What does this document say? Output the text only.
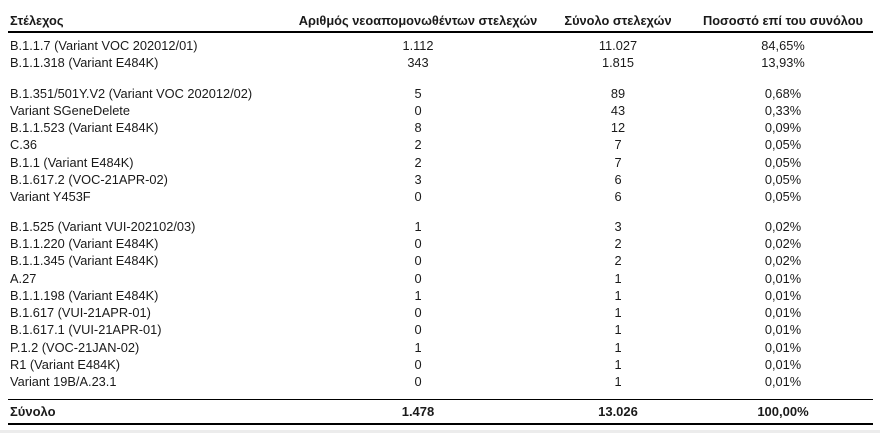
Στέλεχος	Αριθμός νεοαπομονωθέντων στελεχών	Σύνολο στελεχών	Ποσοστό επί του συνόλου
B.1.1.7 (Variant VOC 202012/01)	1.112	11.027	84,65%
B.1.1.318 (Variant E484K)	343	1.815	13,93%
B.1.351/501Y.V2 (Variant VOC 202012/02)	5	89	0,68%
Variant SGeneDelete	0	43	0,33%
B.1.1.523 (Variant E484K)	8	12	0,09%
C.36	2	7	0,05%
B.1.1 (Variant E484K)	2	7	0,05%
B.1.617.2 (VOC-21APR-02)	3	6	0,05%
Variant Y453F	0	6	0,05%
B.1.525 (Variant VUI-202102/03)	1	3	0,02%
B.1.1.220 (Variant E484K)	0	2	0,02%
B.1.1.345 (Variant E484K)	0	2	0,02%
A.27	0	1	0,01%
B.1.1.198 (Variant E484K)	1	1	0,01%
B.1.617 (VUI-21APR-01)	0	1	0,01%
B.1.617.1 (VUI-21APR-01)	0	1	0,01%
P.1.2 (VOC-21JAN-02)	1	1	0,01%
R1 (Variant E484K)	0	1	0,01%
Variant 19B/A.23.1	0	1	0,01%
Σύνολο	1.478	13.026	100,00%
